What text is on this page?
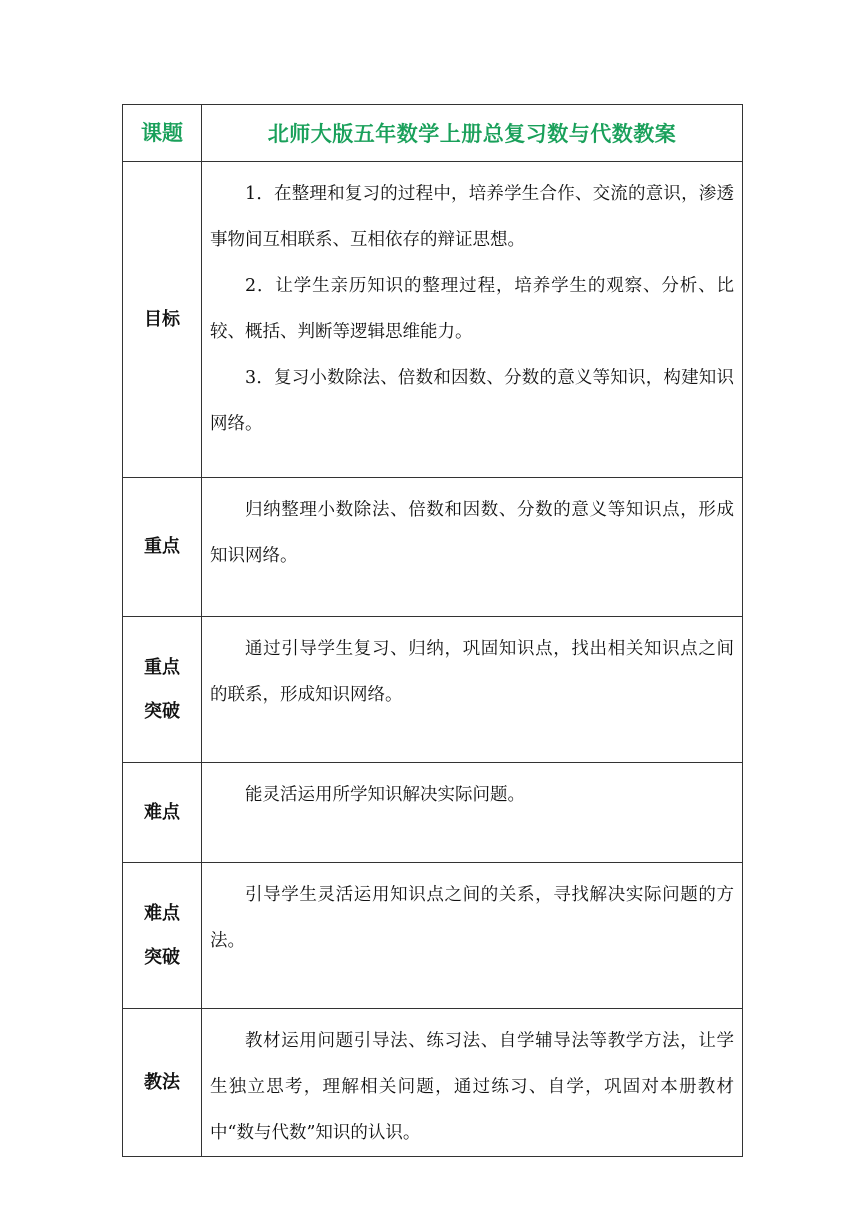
课题	北师大版五年数学上册总复习数与代数教案
目标	1．在整理和复习的过程中，培养学生合作、交流的意识，渗透事物间互相联系、互相依存的辩证思想。

2．让学生亲历知识的整理过程，培养学生的观察、分析、比较、概括、判断等逻辑思维能力。

3．复习小数除法、倍数和因数、分数的意义等知识，构建知识网络。

重点	归纳整理小数除法、倍数和因数、分数的意义等知识点，形成知识网络。

重点
突破	通过引导学生复习、归纳，巩固知识点，找出相关知识点之间的联系，形成知识网络。

难点	能灵活运用所学知识解决实际问题。

难点
突破	引导学生灵活运用知识点之间的关系，寻找解决实际问题的方法。

教法	教材运用问题引导法、练习法、自学辅导法等教学方法，让学生独立思考，理解相关问题，通过练习、自学，巩固对本册教材中“数与代数”知识的认识。
